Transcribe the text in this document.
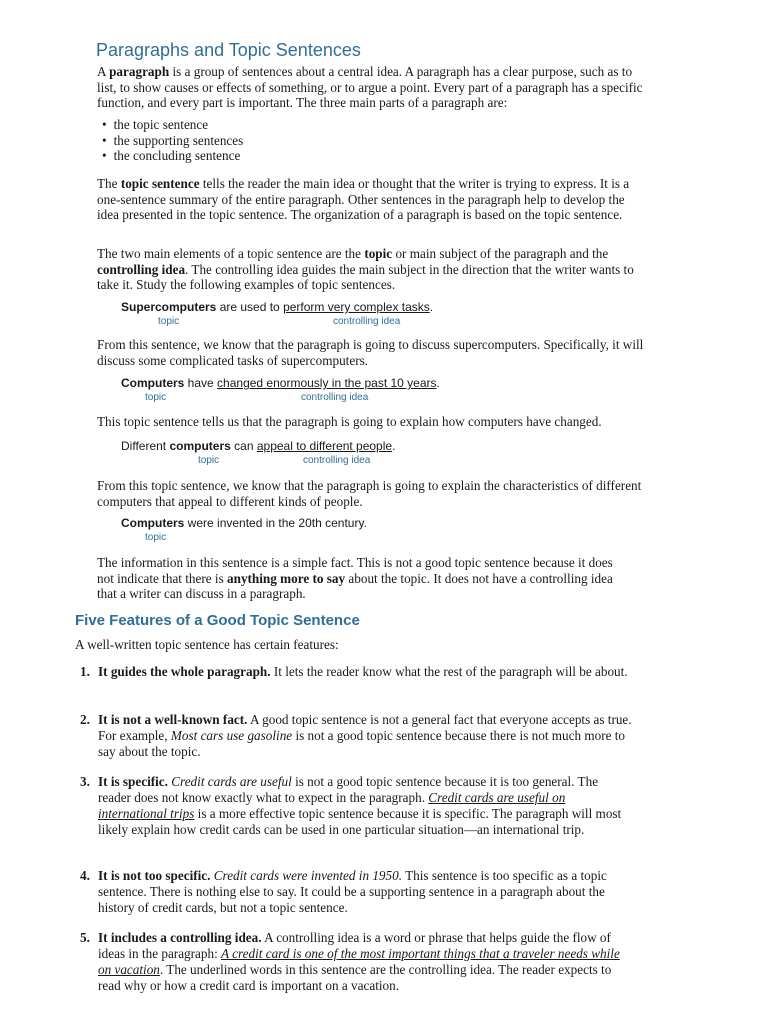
Paragraphs and Topic Sentences
A paragraph is a group of sentences about a central idea. A paragraph has a clear purpose, such as to list, to show causes or effects of something, or to argue a point. Every part of a paragraph has a specific function, and every part is important. The three main parts of a paragraph are:
• the topic sentence
• the supporting sentences
• the concluding sentence
The topic sentence tells the reader the main idea or thought that the writer is trying to express. It is a one-sentence summary of the entire paragraph. Other sentences in the paragraph help to develop the idea presented in the topic sentence. The organization of a paragraph is based on the topic sentence.
The two main elements of a topic sentence are the topic or main subject of the paragraph and the controlling idea. The controlling idea guides the main subject in the direction that the writer wants to take it. Study the following examples of topic sentences.
Supercomputers are used to perform very complex tasks.
topic	controlling idea
From this sentence, we know that the paragraph is going to discuss supercomputers. Specifically, it will discuss some complicated tasks of supercomputers.
Computers have changed enormously in the past 10 years.
topic	controlling idea
This topic sentence tells us that the paragraph is going to explain how computers have changed.
Different computers can appeal to different people.
topic	controlling idea
From this topic sentence, we know that the paragraph is going to explain the characteristics of different computers that appeal to different kinds of people.
Computers were invented in the 20th century.
topic
The information in this sentence is a simple fact. This is not a good topic sentence because it does not indicate that there is anything more to say about the topic. It does not have a controlling idea that a writer can discuss in a paragraph.
Five Features of a Good Topic Sentence
A well-written topic sentence has certain features:
1. It guides the whole paragraph. It lets the reader know what the rest of the paragraph will be about.
2. It is not a well-known fact. A good topic sentence is not a general fact that everyone accepts as true. For example, Most cars use gasoline is not a good topic sentence because there is not much more to say about the topic.
3. It is specific. Credit cards are useful is not a good topic sentence because it is too general. The reader does not know exactly what to expect in the paragraph. Credit cards are useful on international trips is a more effective topic sentence because it is specific. The paragraph will most likely explain how credit cards can be used in one particular situation—an international trip.
4. It is not too specific. Credit cards were invented in 1950. This sentence is too specific as a topic sentence. There is nothing else to say. It could be a supporting sentence in a paragraph about the history of credit cards, but not a topic sentence.
5. It includes a controlling idea. A controlling idea is a word or phrase that helps guide the flow of ideas in the paragraph: A credit card is one of the most important things that a traveler needs while on vacation. The underlined words in this sentence are the controlling idea. The reader expects to read why or how a credit card is important on a vacation.
